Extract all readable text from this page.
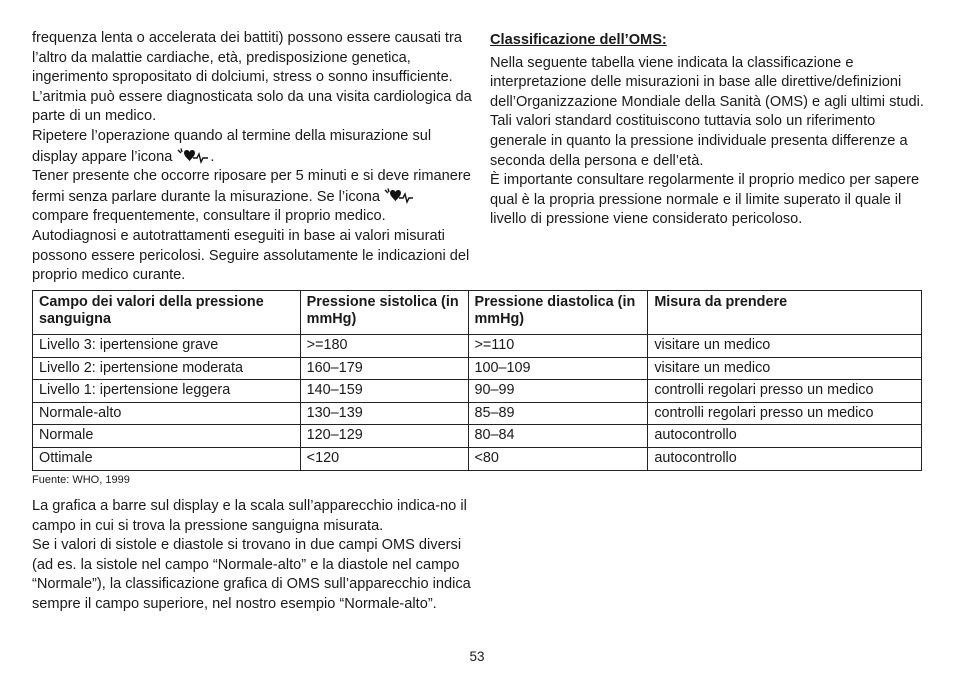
frequenza lenta o accelerata dei battiti) possono essere causati tra l’altro da malattie cardiache, età, predisposizione genetica, ingerimento spropositato di dolciumi, stress o sonno insufficiente. L’aritmia può essere diagnosticata solo da una visita cardiologica da parte di un medico.

Ripetere l’operazione quando al termine della misurazione sul display appare l’icona	.

Tener presente che occorre riposare per 5 minuti e si deve rimanere fermi senza parlare durante la misurazione. Se l’icona
compare frequentemente, consultare il proprio medico.

Autodiagnosi e autotrattamenti eseguiti in base ai valori misurati possono essere pericolosi. Seguire assolutamente le indicazioni del proprio medico curante.

Classificazione dell’OMS:

Nella seguente tabella viene indicata la classificazione e interpretazione delle misurazioni in base alle direttive/definizioni dell’Organizzazione Mondiale della Sanità (OMS) e agli ultimi studi.

Tali valori standard costituiscono tuttavia solo un riferimento generale in quanto la pressione individuale presenta differenze a seconda della persona e dell’età.

È importante consultare regolarmente il proprio medico per sapere qual è la propria pressione normale e il limite superato il quale il livello di pressione viene considerato pericoloso.

Campo dei valori della pressione sanguigna	Pressione sistolica (in mmHg)	Pressione diastolica (in mmHg)	Misura da prendere
Livello 3: ipertensione grave	>=180	>=110	visitare un medico
Livello 2: ipertensione moderata	160–179	100–109	visitare un medico
Livello 1: ipertensione leggera	140–159	90–99	controlli regolari presso un medico
Normale-alto	130–139	85–89	controlli regolari presso un medico
Normale	120–129	80–84	autocontrollo
Ottimale	<120	<80	autocontrollo
Fuente: WHO, 1999

La grafica a barre sul display e la scala sull’apparecchio indica-no il campo in cui si trova la pressione sanguigna misurata.

Se i valori di sistole e diastole si trovano in due campi OMS diversi (ad es. la sistole nel campo “Normale-alto” e la diastole nel campo “Normale”), la classificazione grafica di OMS sull’apparecchio indica sempre il campo superiore, nel nostro esempio “Normale-alto”.

53
